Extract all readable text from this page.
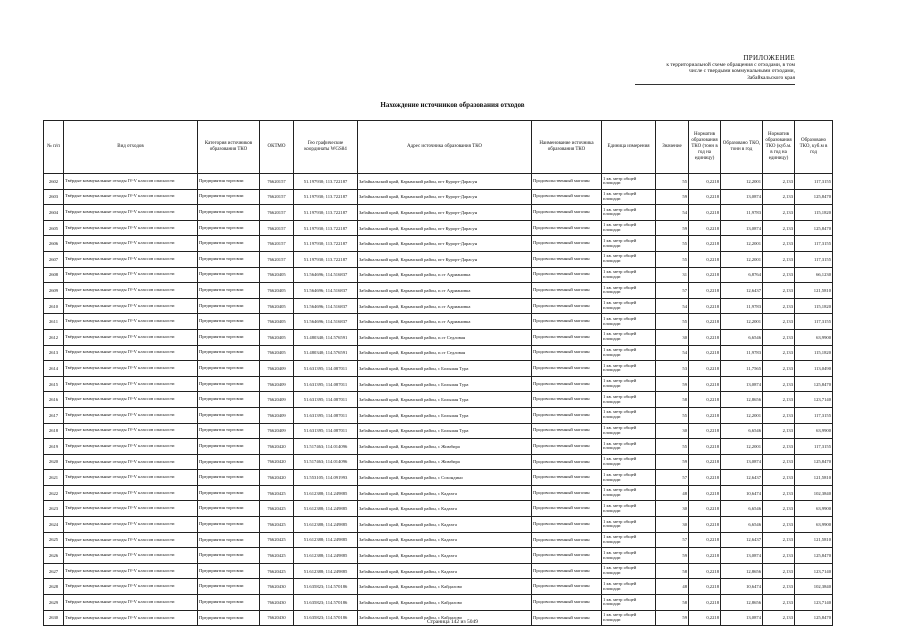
ПРИЛОЖЕНИЕ
к территориальной схеме обращения с отходами, в том
числе с твердыми коммунальными отходами,
Забайкальского края
Нахождение источников образования отходов
№ п/п	Вид отходов	Категория источников образования ТКО	ОКТМО	Гео графические координаты WGS84	Адрес источника образования ТКО	Наименование источника образования ТКО	Единица измерения	Значение	Норматив образования ТКО (тонн в год на единицу)	Образовано ТКО, тонн в год	Норматив образования ТКО (куб.м. в год на единицу)	Образовано ТКО, куб.м в год
2602	Твёрдые коммунальные отходы IV-V классов опасности	Предприятия торговли	76620157	51.197930; 113.722187	Забайкальский край, Карымский район, пгт Курорт-Дарасун	Продовольственный магазин	1 кв. метр общей площади	55	0,2218	12,2001	2,133	117,3155
2603	Твёрдые коммунальные отходы IV-V классов опасности	Предприятия торговли	76620157	51.197930; 113.722187	Забайкальский край, Карымский район, пгт Курорт-Дарасун	Продовольственный магазин	1 кв. метр общей площади	59	0,2218	13,0874	2,133	125,8470
2604	Твёрдые коммунальные отходы IV-V классов опасности	Предприятия торговли	76620157	51.197930; 113.722187	Забайкальский край, Карымский район, пгт Курорт-Дарасун	Продовольственный магазин	1 кв. метр общей площади	54	0,2218	11,9783	2,133	115,1820
2605	Твёрдые коммунальные отходы IV-V классов опасности	Предприятия торговли	76620157	51.197930; 113.722187	Забайкальский край, Карымский район, пгт Курорт-Дарасун	Продовольственный магазин	1 кв. метр общей площади	59	0,2218	13,0874	2,133	125,8470
2606	Твёрдые коммунальные отходы IV-V классов опасности	Предприятия торговли	76620157	51.197930; 113.722187	Забайкальский край, Карымский район, пгт Курорт-Дарасун	Продовольственный магазин	1 кв. метр общей площади	55	0,2218	12,2001	2,133	117,3155
2607	Твёрдые коммунальные отходы IV-V классов опасности	Предприятия торговли	76620157	51.197930; 113.722187	Забайкальский край, Карымский район, пгт Курорт-Дарасун	Продовольственный магазин	1 кв. метр общей площади	55	0,2218	12,2001	2,133	117,3155
2608	Твёрдые коммунальные отходы IV-V классов опасности	Предприятия торговли	76620405	51.564696; 114.516837	Забайкальский край, Карымский район, п.ст Адриановка	Продовольственный магазин	1 кв. метр общей площади	31	0,2218	6,8764	2,133	66,1230
2609	Твёрдые коммунальные отходы IV-V классов опасности	Предприятия торговли	76620405	51.564696; 114.516837	Забайкальский край, Карымский район, п.ст Адриановка	Продовольственный магазин	1 кв. метр общей площади	57	0,2218	12,6437	2,133	121,5810
2610	Твёрдые коммунальные отходы IV-V классов опасности	Предприятия торговли	76620405	51.564696; 114.516837	Забайкальский край, Карымский район, п.ст Адриановка	Продовольственный магазин	1 кв. метр общей площади	54	0,2218	11,9783	2,133	115,1820
2611	Твёрдые коммунальные отходы IV-V классов опасности	Предприятия торговли	76620405	51.564696; 114.516837	Забайкальский край, Карымский район, п.ст Адриановка	Продовольственный магазин	1 кв. метр общей площади	55	0,2218	12,2001	2,133	117,3155
2612	Твёрдые коммунальные отходы IV-V классов опасности	Предприятия торговли	76620405	51.480340; 114.576591	Забайкальский край, Карымский район, п.ст Седловая	Продовольственный магазин	1 кв. метр общей площади	30	0,2218	6,6546	2,133	63,9900
2613	Твёрдые коммунальные отходы IV-V классов опасности	Предприятия торговли	76620405	51.480340; 114.576591	Забайкальский край, Карымский район, п.ст Седловая	Продовольственный магазин	1 кв. метр общей площади	54	0,2218	11,9783	2,133	115,1820
2614	Твёрдые коммунальные отходы IV-V классов опасности	Предприятия торговли	76620409	51.631395; 114.087011	Забайкальский край, Карымский район, с Большая Тура	Продовольственный магазин	1 кв. метр общей площади	53	0,2218	11,7565	2,133	113,0490
2615	Твёрдые коммунальные отходы IV-V классов опасности	Предприятия торговли	76620409	51.631395; 114.087011	Забайкальский край, Карымский район, с Большая Тура	Продовольственный магазин	1 кв. метр общей площади	59	0,2218	13,0874	2,133	125,8470
2616	Твёрдые коммунальные отходы IV-V классов опасности	Предприятия торговли	76620409	51.631395; 114.087011	Забайкальский край, Карымский район, с Большая Тура	Продовольственный магазин	1 кв. метр общей площади	58	0,2218	12,8656	2,133	123,7140
2617	Твёрдые коммунальные отходы IV-V классов опасности	Предприятия торговли	76620409	51.631395; 114.087011	Забайкальский край, Карымский район, с Большая Тура	Продовольственный магазин	1 кв. метр общей площади	55	0,2218	12,2001	2,133	117,3155
2618	Твёрдые коммунальные отходы IV-V классов опасности	Предприятия торговли	76620409	51.631395; 114.087011	Забайкальский край, Карымский район, с Большая Тура	Продовольственный магазин	1 кв. метр общей площади	30	0,2218	6,6546	2,133	63,9900
2619	Твёрдые коммунальные отходы IV-V классов опасности	Предприятия торговли	76620420	51.517463; 114.014096	Забайкальский край, Карымский район, с Жимбира	Продовольственный магазин	1 кв. метр общей площади	55	0,2218	12,2001	2,133	117,3155
2620	Твёрдые коммунальные отходы IV-V классов опасности	Предприятия торговли	76620420	51.517463; 114.014096	Забайкальский край, Карымский район, с Жимбира	Продовольственный магазин	1 кв. метр общей площади	59	0,2218	13,0874	2,133	125,8470
2621	Твёрдые коммунальные отходы IV-V классов опасности	Предприятия торговли	76620420	51.553105; 114.091993	Забайкальский край, Карымский район, с Сохондино	Продовольственный магазин	1 кв. метр общей площади	57	0,2218	12,6437	2,133	121,5810
2622	Твёрдые коммунальные отходы IV-V классов опасности	Предприятия торговли	76620425	51.612388; 114.249885	Забайкальский край, Карымский район, с Кадахта	Продовольственный магазин	1 кв. метр общей площади	48	0,2218	10,6474	2,133	102,3840
2623	Твёрдые коммунальные отходы IV-V классов опасности	Предприятия торговли	76620425	51.612388; 114.249885	Забайкальский край, Карымский район, с Кадахта	Продовольственный магазин	1 кв. метр общей площади	30	0,2218	6,6546	2,133	63,9900
2624	Твёрдые коммунальные отходы IV-V классов опасности	Предприятия торговли	76620425	51.612388; 114.249885	Забайкальский край, Карымский район, с Кадахта	Продовольственный магазин	1 кв. метр общей площади	30	0,2218	6,6546	2,133	63,9900
2625	Твёрдые коммунальные отходы IV-V классов опасности	Предприятия торговли	76620425	51.612388; 114.249885	Забайкальский край, Карымский район, с Кадахта	Продовольственный магазин	1 кв. метр общей площади	57	0,2218	12,6437	2,133	121,5810
2626	Твёрдые коммунальные отходы IV-V классов опасности	Предприятия торговли	76620425	51.612388; 114.249885	Забайкальский край, Карымский район, с Кадахта	Продовольственный магазин	1 кв. метр общей площади	59	0,2218	13,0874	2,133	125,8470
2627	Твёрдые коммунальные отходы IV-V классов опасности	Предприятия торговли	76620425	51.612388; 114.249885	Забайкальский край, Карымский район, с Кадахта	Продовольственный магазин	1 кв. метр общей площади	58	0,2218	12,8656	2,133	123,7140
2628	Твёрдые коммунальные отходы IV-V классов опасности	Предприятия торговли	76620430	51.635823; 114.570186	Забайкальский край, Карымский район, с Кайдалово	Продовольственный магазин	1 кв. метр общей площади	48	0,2218	10,6474	2,133	102,3840
2629	Твёрдые коммунальные отходы IV-V классов опасности	Предприятия торговли	76620430	51.635823; 114.570186	Забайкальский край, Карымский район, с Кайдалово	Продовольственный магазин	1 кв. метр общей площади	58	0,2218	12,8656	2,133	123,7140
2630	Твёрдые коммунальные отходы IV-V классов опасности	Предприятия торговли	76620430	51.635823; 114.570186	Забайкальский край, Карымский район, с Кайдалово	Продовольственный магазин	1 кв. метр общей площади	59	0,2218	13,0874	2,133	125,8470
Страница 142 из 5049
